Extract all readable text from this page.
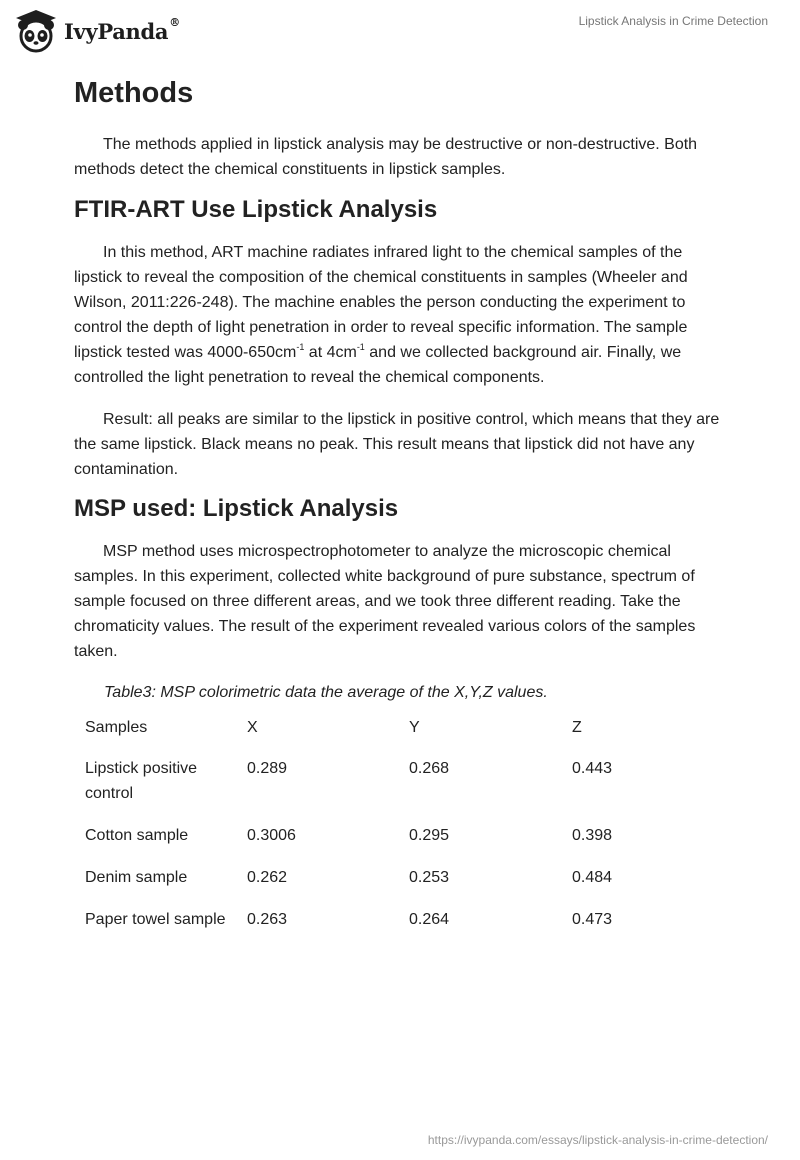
IvyPanda®	Lipstick Analysis in Crime Detection
Methods

The methods applied in lipstick analysis may be destructive or non-destructive. Both methods detect the chemical constituents in lipstick samples.

FTIR-ART Use Lipstick Analysis

In this method, ART machine radiates infrared light to the chemical samples of the lipstick to reveal the composition of the chemical constituents in samples (Wheeler and Wilson, 2011:226-248). The machine enables the person conducting the experiment to control the depth of light penetration in order to reveal specific information. The sample lipstick tested was $4000-650cm^{-1}$ at $4cm^{-1}$ and we collected background air. Finally, we controlled the light penetration to reveal the chemical components.

Result: all peaks are similar to the lipstick in positive control, which means that they are the same lipstick. Black means no peak. This result means that lipstick did not have any contamination.

MSP used: Lipstick Analysis

MSP method uses microspectrophotometer to analyze the microscopic chemical samples. In this experiment, collected white background of pure substance, spectrum of sample focused on three different areas, and we took three different reading. Take the chromaticity values. The result of the experiment revealed various colors of the samples taken.

Table3: MSP colorimetric data the average of the X,Y,Z values.
Samples	X	Y	Z
Lipstick positive control	0.289	0.268	0.443
Cotton sample	0.3006	0.295	0.398
Denim sample	0.262	0.253	0.484
Paper towel sample	0.263	0.264	0.473
https://ivypanda.com/essays/lipstick-analysis-in-crime-detection/
